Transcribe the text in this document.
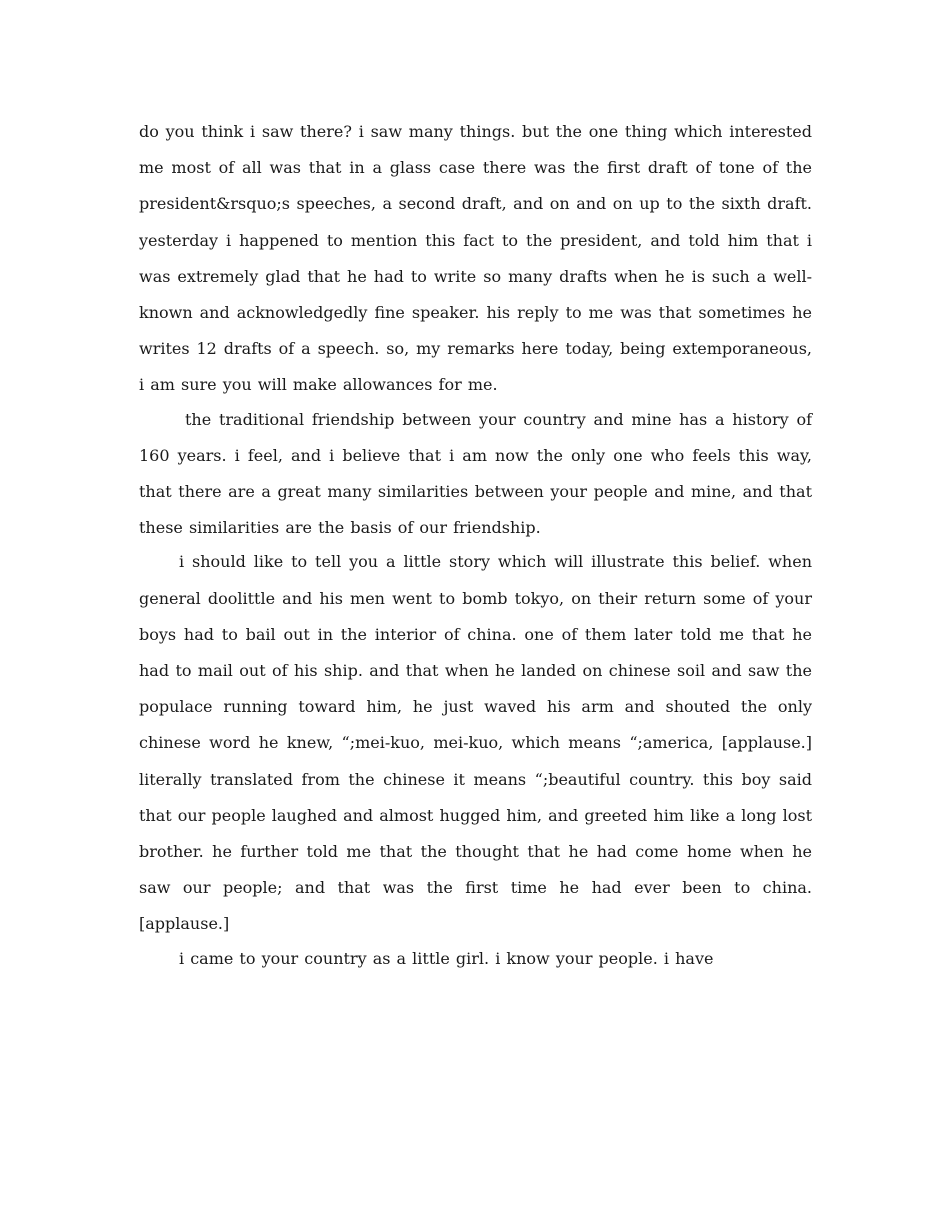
do you think i saw there? i saw many things. but the one thing which interested me most of all was that in a glass case there was the first draft of tone of the president&rsquo;s speeches, a second draft, and on and on up to the sixth draft. yesterday i happened to mention this fact to the president, and told him that i was extremely glad that he had to write so many drafts when he is such a well-known and acknowledgedly fine speaker. his reply to me was that sometimes he writes 12 drafts of a speech. so, my remarks here today, being extemporaneous, i am sure you will make allowances for me.

the traditional friendship between your country and mine has a history of 160 years. i feel, and i believe that i am now the only one who feels this way, that there are a great many similarities between your people and mine, and that these similarities are the basis of our friendship.

i should like to tell you a little story which will illustrate this belief. when general doolittle and his men went to bomb tokyo, on their return some of your boys had to bail out in the interior of china. one of them later told me that he had to mail out of his ship. and that when he landed on chinese soil and saw the populace running toward him, he just waved his arm and shouted the only chinese word he knew, “;mei-kuo, mei-kuo, which means “;america, [applause.] literally translated from the chinese it means “;beautiful country. this boy said that our people laughed and almost hugged him, and greeted him like a long lost brother. he further told me that the thought that he had come home when he saw our people; and that was the first time he had ever been to china. [applause.]

i came to your country as a little girl. i know your people. i have
